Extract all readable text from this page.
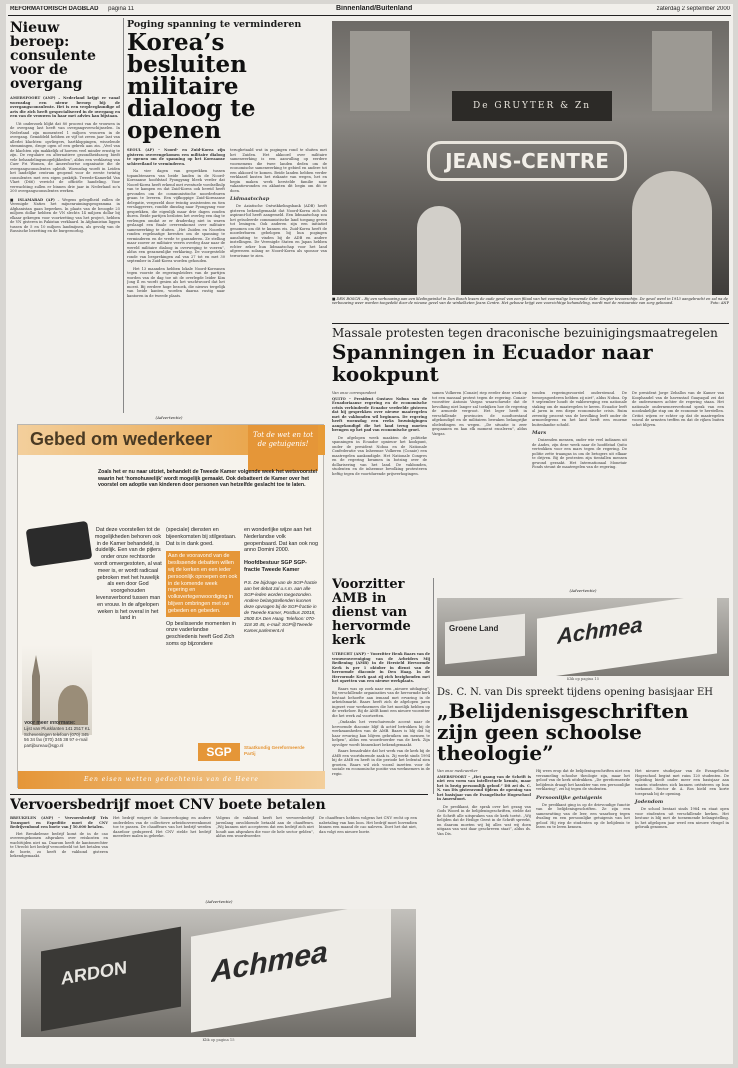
REFORMATORISCH DAGBLAD pagina 11	Binnenland/Buitenland	zaterdag 2 september 2000
Nieuw beroep: consulente voor de overgang
AMERSFOORT (ANP) – Nederland krijgt er vanaf woensdag een nieuw beroep bij: de overgangsconsulente. Het is een verpleegkundige of arts die zich heeft gespecialiseerd in de overgang en een van de vrouwen in haar met advies kan bijstaan.
Uit onderzoek blijkt dat 80 procent van de vrouwen in de overgang last heeft van overgangsverschijnselen. In Nederland zijn momenteel 1 miljoen vrouwen in de overgang. Gemiddeld hebben ze vijf tot zeven jaar last van allerlei klachten: opvliegers, hartkloppingen, wisselende stemmingen, droge ogen of een gebrek aan zin. „Veel van de klachten zijn makkelijk of hoeven veel minder ernstig te zijn. De regulaire en alternatieve gezondheidszorg biedt vele behandelingsmogelijkheden”, aldus een verklaring van Cuer Fri Women, de Amersfoortse organisatie die de overgangsconsulentes opleidt. Woensdag wordt in Leiden het landelijke centrum geopend voor de eerste twintig consulentes met een eigen praktijk. Tweede-Kamerlid Van Vlaet (D66) verricht de officiële handeling. Voor verwachting zullen er binnen drie jaar in Nederland zo’n 200 overgangsconsulentes werken.
■ ISLAMABAD (AP) – Wegens gelegdheid zullen de Verenigde Naties het mijnenruimingsprogramma in Afghanistan gaan beperken. In plaats van de beoogde 25 miljoen dollar hebben de VN slechts 14 miljoen dollar bij elkaar gekregen voor voortzetting van het project, hebben de VN gisteren in Pakistan verklaard. In Afghanistan liggen tussen de 5 en 10 miljoen landmijnen, als gevolg van de Russische bezetting en de burgeroorlog.
Poging spanning te verminderen
Korea’s besluiten militaire dialoog te openen
SEOUL (AP) – Noord- en Zuid-Korea zijn gisteren overeengekomen een militaire dialoog te openen om de spanning op het Koreaanse schiereiland te verminderen.
Na vier dagen van gesprekken tussen topambtenaren van beide landen in de Noord-Koreaanse hoofdstad Pyongyang bleek verder dat Noord-Korea heeft erkend met eventuele voedselhulp van te kampen en dat Zuid-Korea ook bereid heeft gevonden om de communistische noorderburen graan te leveren. Een vijfkoppige Zuid-Koreaanse delegatie, vergezeld door twintig assistenten en tien verslaggevers, rondde dinsdag naar Pyongyang voor gesprekken, die eigenlijk maar drie dagen zouden duren. Beide partijen besloten het overleg een dag te verlengen omdat ze er draderdag niet in waren geslaagd een finale overeenkomst over militaire samenwerking te sluiten. „Het Zuiden en Noorden ronden regelmatige kwesties om de spanning te verminderen en de vrede te garanderen. Ze stelling maar zoover ze militaire veerts overleg daar naar de wereld militaire dialoog in overweging te voeren”, aldus een gezamenlijke verklaring. De voorgestelde ronde van besprekingen zal van 27 tot en met 30 september in Zuid-Korea worden gehouden.
Het 13 maanden hebben lokale Noord-Koreanen tegen voorste de regeringsleiders van de partijen worden van de dag toe uit de overlegde leider Kim Jong Il en wordt gesien als het wachtwoord dat het moest. Bij eerdere hoge bezoek, die nieuws tergelijk van beide kanten, worden daarna rustig naar kantoren in de tweede plaats.
terugbetaald wat in pogingen rond te sluiten met het Zuiden. Het akkoord over militaire samenwerking is een aanvulling op eerdere voornemens die twee landen deden om de economische samenwerking te gebied en andere tot een akkoord te komen. Beide landen hebben verder verklaard kusten het riskante van wegen, het en begin maken werk herstelde familie naar vakantiewonden en aklanten dit begin om dit te doen.
Lidmaatschap
De Aziatische Ontwikkelingsbank (ADB) heeft gisteren bekendgemaakt dat Noord-Korea zich als aspirant-lid heeft aangemeld. Een lidmaatschap zou het geïsoleerde communistische land toegang geven tot leningen. Ook anderen zijn een initiatief genomen om dit te kunnen eis. Zuid-Korea heeft de noorderburen gebelopen bij hun pogingen aansluiting te vinden bij de ADB en andere instellingen. De Verenigde Staten en Japan hebben echter zeker hun lidmaatschap voor het land afgewezen zolang ze Noord-Korea als sponsor van terrorisme te zien.
De GRUYTER & Zn
JEANS-CENTRE
■ DEN BOSCH – Bij een verbouwing aan een kledingwinkel in Den Bosch kwam de oude gevel van een filiaal van het voormalige beroemde Gebr. Gruyter tevoorschijn. De gevel werd in 1913 aangebracht en zal na de verbouwing weer worden toegedekt door de nieuwe gevel van de winkelketen Jeans Centre. Het gebouw krijgt een voorzichtige behandeling, wordt met de restauratie van zorg gebouwd.	Foto: ANP
Massale protesten tegen draconische bezuinigingsmaatregelen
Spanningen in Ecuador naar kookpunt
Van onze correspondent
QUITO – President Gustavo Noboa van de Ecuadoriaanse regering en de economische crisis verhinderde Ecuador verdeelde gisteren dat hij gesprekken over nieuwe maatregelen met de vakbonden wil beginnen. De regering heeft woensdag een reeks bezuinigingen aangekondigd die het land terug moeten brengen op het pad van economische groei.
De afgelopen week maakten de politieke spanningen in Ecuador opnieuw het kookpunt, onder de president Noboa en de Nationale Confederatie van Inheemse Volkeren (Conaie) een maatregelen aankondigde. Het Nationale Congres en de regering kwamen in botsing over de dollarisering van het land. De vakbonden, studenten en de inheemse bevolking protesteren heftig tegen de voortdurende prijsverhogingen.
samen Volkeren (Conaie) riep eerder deze week op tot een massaal protest tegen de regering. Conaie-voorzitter Antonio Vargas waarschuwde dat de bevolking niet langer zal toekijken hoe de regering de armoede vergroot. Het leger heeft in verschillende provincies de noodtoestand afgekondigd en de militairen bewaken belangrijke olieleidingen en wegen. „De situatie is zeer gespannen en kan elk moment escaleren”, aldus Vargas.
vonden regeringsvoorstel ondersteund. De beroepsgoederen hebben zij niet”, aldus Noboa. Op 9 september houdt de vakbeweging een nationale staking om de maatregelen te keren. Ecuador leeft al jaren in een diepe economische crisis. Ruim zeventig procent van de bevolking leeft onder de armoedegrens en het land heeft een enorme buitenlandse schuld.
Mars
Duizenden mensen, onder wie veel indianen uit de Andes, zijn deze week naar de hoofdstad Quito vertrokken voor een mars tegen de regering. De politie zette traangas in om de betogers uit elkaar te drijven. Bij de protesten zijn tientallen mensen gewond geraakt. Het Internationaal Monetair Fonds steunt de maatregelen van de regering.
De president Jorge Zeballos van de Kamer van Koophandel van de havenstad Guayaquil zei dat de ondernemers achter de regering staan. Het nationale ondernemersverbond sprak van een noodzakelijke stap om de economie te herstellen. Critici wijzen er echter op dat de maatregelen vooral de armsten treffen en dat de rijken buiten schot blijven.
(Advertentie)
Gebed om wederkeer	Tot de wet en tot de getuigenis!
Zoals het er nu naar uitziet, behandelt de Tweede Kamer volgende week het wetsvoorstel waarin het ‘homohuwelijk’ wordt mogelijk gemaakt. Ook debatteert de Kamer over het voorstel om adoptie van kinderen door personen van hetzelfde geslacht toe te laten.
Dat deze voorstellen tot de mogelijkheden behoren ook in de Kamer behandeld, is duidelijk. Een van de pijlers onder onze rechtsorde wordt omvergestoten, al wat meer is, er wordt radicaal gebroken met het huwelijk als een door God voorgehouden levensverbond tussen man en vrouw. In de afgelopen weken is het overal in het land in
(speciale) diensten en bijeenkomsten bij stilgestaan. Dat is in dank goed.
Aan de vooravond van de beslissende debatten willen wij de kerken en een ieder persoonlijk oproepen om ook in de komende week regering en volksvertegenwoordiging in blijven ombringen met uw gebeden en gebeden.
Op beslissende momenten in onze vaderlandse geschiedenis heeft God Zich soms op bijzondere
en wonderlijke wijze aan het Nederlandse volk geopenbaard. Dat kan ook nog anno Domini 2000.
Hoofdbestuur SGP SGP-fractie Tweede Kamer
P.S. De bijdrage van de SGP-fractie aan het debat zal u.s.m. aan alle SGP-leden worden toegezonden. Andere belangstellenden kunnen deze opvragen bij de SGP-fractie in de Tweede Kamer, Postbus 20018, 2500 EA Den Haag. Telefoon: 070-318 30 45, e-mail: SGP@Tweede Kamer.parlement.nl
Voor meer informatie:
Lijst van Plusklanten 141 2517 KL Scheveningen telefoon (070) 345 56 34 fax (070) 345 38 97 e-mail partijbureau@sgp.nl	SGP	Staatkundig Gereformeerde Partij
Een eisen wetten gedachtenis van de Heere
Voorzitter AMB in dienst van hervormde kerk
UTRECHT (ANP) – Voorzitter Henk Baars van de vrouwenvereniging van de Arbeiders Mij Bediening (AMB) in de Hersteld Hervormde Kerk is per 1 oktober in dienst van de hervormde diaconie in Den Haag. In de Hervormde Kerk gaat zij zich bezighouden met het opzetten van een nieuwe werkplaats.
Baars was op zoek naar een „nieuwe uitdaging”. Bij verschillende organisaties van de hervormde kerk bestaat behoefte aan iemand met ervaring in de arbeidsmarkt. Baars heeft zich de afgelopen jaren ingezet voor werknemers die het moeilijk hebben op de werkvloer. Bij de AMB komt een nieuwe voorzitter die het werk zal voortzetten.
„Ondanks het verschuivende accent naar de hervormde diaconie blijf ik actief betrokken bij de werkzaamheden van de AMB. Baars is blij dat hij haar ervaring kan blijven gebruiken om mensen te helpen”, aldus een woordvoerder van de kerk. Zijn opvolger wordt binnenkort bekendgemaakt.
Baars benadrukte dat het werk van de kerk bij de AMB een voortdurende zaak is. Zij werkt sinds 1994 bij de AMB en heeft in die periode het ledental zien groeien. Baars wil zich vooral inzetten voor de sociale en economische positie van werknemers in de regio.
(Advertentie)
Groene Land	Achmea
Klik op pagina 15
Ds. C. N. van Dis spreekt tijdens opening basisjaar EH
„Belijdenisgeschriften zijn geen schoolse theologie”
Van onze medewerker
AMERSFOORT – „Het gaang van de Schrift is niet een vorm van intellectuele kennis, maar het is bezig persoonlijk geloof.” Dit zei ds. C. N. van Dis gisteravond tijdens de opening van het basisjaar van de Evangelische Hogeschool in Amersfoort.
De predikant, die sprak over het gezag van Gods Woord in de belijdenisgeschriften, stelde dat de Schrift alle uitspraken van de kerk toetst. „Wij belijden dat de Heilige Geest in de Schrift spreekt, en daarom moeten wij bij alles wat wij doen uitgaan van wat daar geschreven staat”, aldus ds. Van Dis.
Hij wees erop dat de belijdenisgeschriften niet een verzameling schoolse theologie zijn, maar het geloof van de kerk uitdrukken. „De gereformeerde belijdenis draagt het karakter van een persoonlijke verklaring”, zei hij tegen de studenten.
Persoonlijke getuigenis
De predikant ging in op de drievoudige functie van de belijdenisgeschriften. Ze zijn een samenvatting van de leer, een waarborg tegen dwaling en een persoonlijke getuigenis van het geloof. Hij riep de studenten op de belijdenis te lezen en te leren kennen.
Het nieuwe studiejaar van de Evangelische Hogeschool begint met ruim 120 studenten. De opleiding biedt onder meer een basisjaar aan waarin studenten zich kunnen oriënteren op hun toekomst. Rector dr. A. Ros hield een korte toespraak bij de opening.
Jodendom
De school bestaat sinds 1984 en staat open voor studenten uit verschillende kerken. Het bestuur is blij met de toenemende belangstelling. In het afgelopen jaar werd een nieuwe vleugel in gebruik genomen.
Vervoersbedrijf moet CNV boete betalen
BREUKELEN (ANP) – Vervoersbedrijf Tris Transport en Expeditie moet de CNV Bedrijvenbond een boete van ƒ 50.000 betalen.
Het Breukelense bedrijf komt de in de cao overeengekomen afspraken over reiskosten en wachttijden niet na. Daarom heeft de kantonrechter te Utrecht het bedrijf veroordeeld tot het betalen van de boete, zo heeft de vakbond gisteren bekendgemaakt.
Het bedrijf weigert de loonsverhoging en andere onderdelen van de collectieve arbeidsovereenkomst toe te passen. De chauffeurs van het bedrijf werden daardoor gedupeerd. Het CNV stelde het bedrijf meerdere malen in gebreke.
Volgens de vakbond heeft het vervoersbedrijf jarenlang onvoldoende betaald aan de chauffeurs. „Wij kunnen niet accepteren dat een bedrijf zich niet houdt aan afspraken die voor de hele sector gelden”, aldus een woordvoerder.
De chauffeurs hebben volgens het CNV recht op een nabetaling van hun loon. Het bedrijf moet bovendien binnen een maand de cao naleven. Doet het dat niet, dan volgt een nieuwe boete.
(Advertentie)
ARDON	Achmea
Klik op pagina 15
